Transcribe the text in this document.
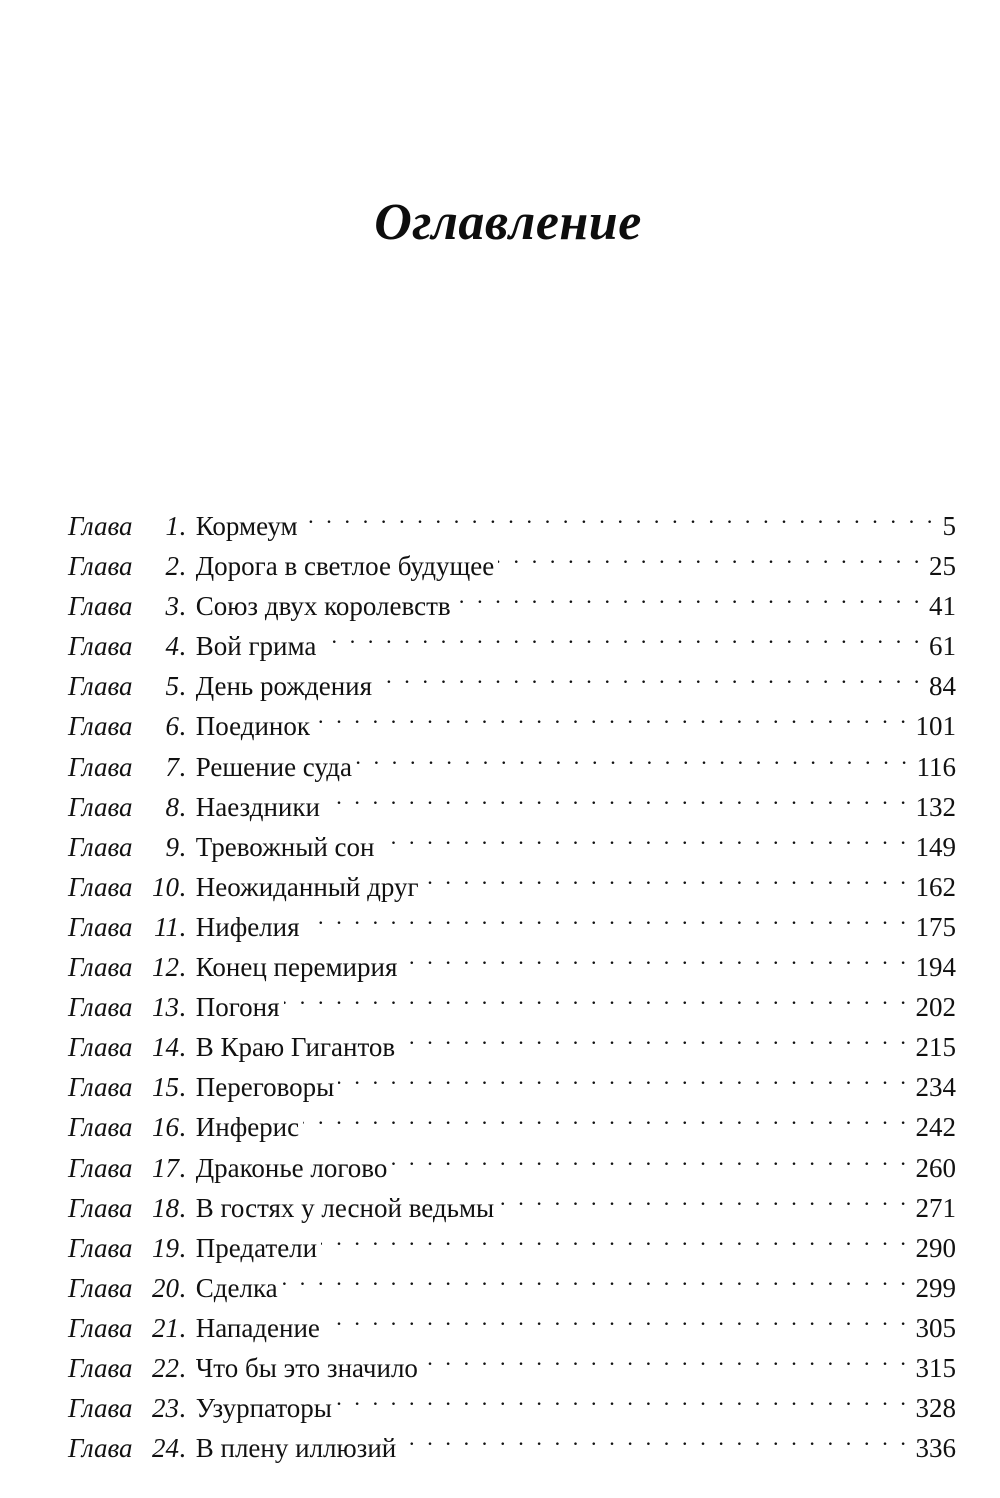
Оглавление
Глава 1 . Кормеум . . .	5
Глава 2 . Дорога в светлое будущее . . .	25
Глава 3 . Союз двух королевств . . .	41
Глава 4 . Вой грима . . .	61
Глава 5 . День рождения . . .	84
Глава 6 . Поединок . . .	101
Глава 7 . Решение суда . . .	116
Глава 8 . Наездники . . .	132
Глава 9 . Тревожный сон . . .	149
Глава 10 . Неожиданный друг . . .	162
Глава 11 . Нифелия . . .	175
Глава 12 . Конец перемирия . . .	194
Глава 13 . Погоня . . .	202
Глава 14 . В Краю Гигантов . . .	215
Глава 15 . Переговоры . . .	234
Глава 16 . Инферис . . .	242
Глава 17 . Драконье логово . . .	260
Глава 18 . В гостях у лесной ведьмы . . .	271
Глава 19 . Предатели . . .	290
Глава 20 . Сделка . . .	299
Глава 21 . Нападение . . .	305
Глава 22 . Что бы это значило . . .	315
Глава 23 . Узурпаторы . . .	328
Глава 24 . В плену иллюзий . . .	336
